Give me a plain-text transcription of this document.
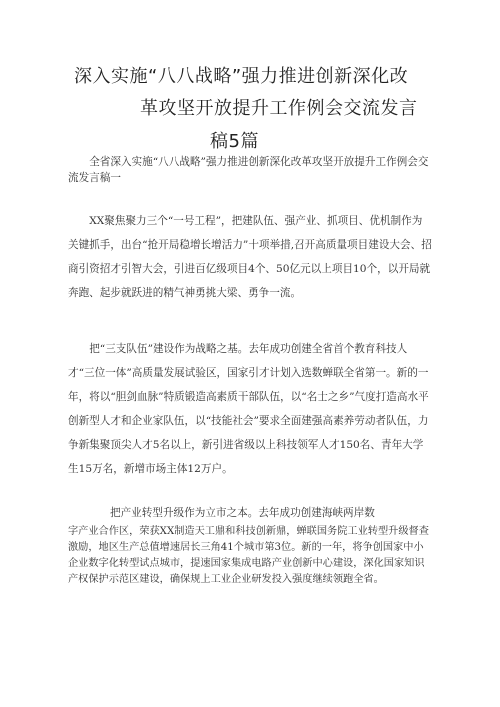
深入实施“八八战略”强力推进创新深化改
革攻坚开放提升工作例会交流发言
稿5篇
全省深入实施“八八战略”强力推进创新深化改革攻坚开放提升工作例会交流发言稿一
XX聚焦聚力三个“一号工程”，把建队伍、强产业、抓项目、优机制作为关键抓手，出台“抢开局稳增长增活力”十项举措,召开高质量项目建设大会、招商引资招才引智大会，引进百亿级项目4个、50亿元以上项目10个，以开局就奔跑、起步就跃进的精气神勇挑大梁、勇争一流。
把“三支队伍”建设作为战略之基。去年成功创建全省首个教育科技人才“三位一体”高质量发展试验区，国家引才计划入选数蝉联全省第一。新的一年，将以“胆剑血脉”特质锻造高素质干部队伍，以“名士之乡”气度打造高水平创新型人才和企业家队伍，以“技能社会”要求全面建强高素养劳动者队伍，力争新集聚顶尖人才5名以上，新引进省级以上科技领军人才150名、青年大学生15万名，新增市场主体12万户。
把产业转型升级作为立市之本。去年成功创建海峡两岸数
字产业合作区，荣获XX制造天工鼎和科技创新鼎，蝉联国务院工业转型升级督查激励，地区生产总值增速居长三角41个城市第3位。新的一年，将争创国家中小企业数字化转型试点城市，提速国家集成电路产业创新中心建设，深化国家知识产权保护示范区建设，确保规上工业企业研发投入强度继续领跑全省。
